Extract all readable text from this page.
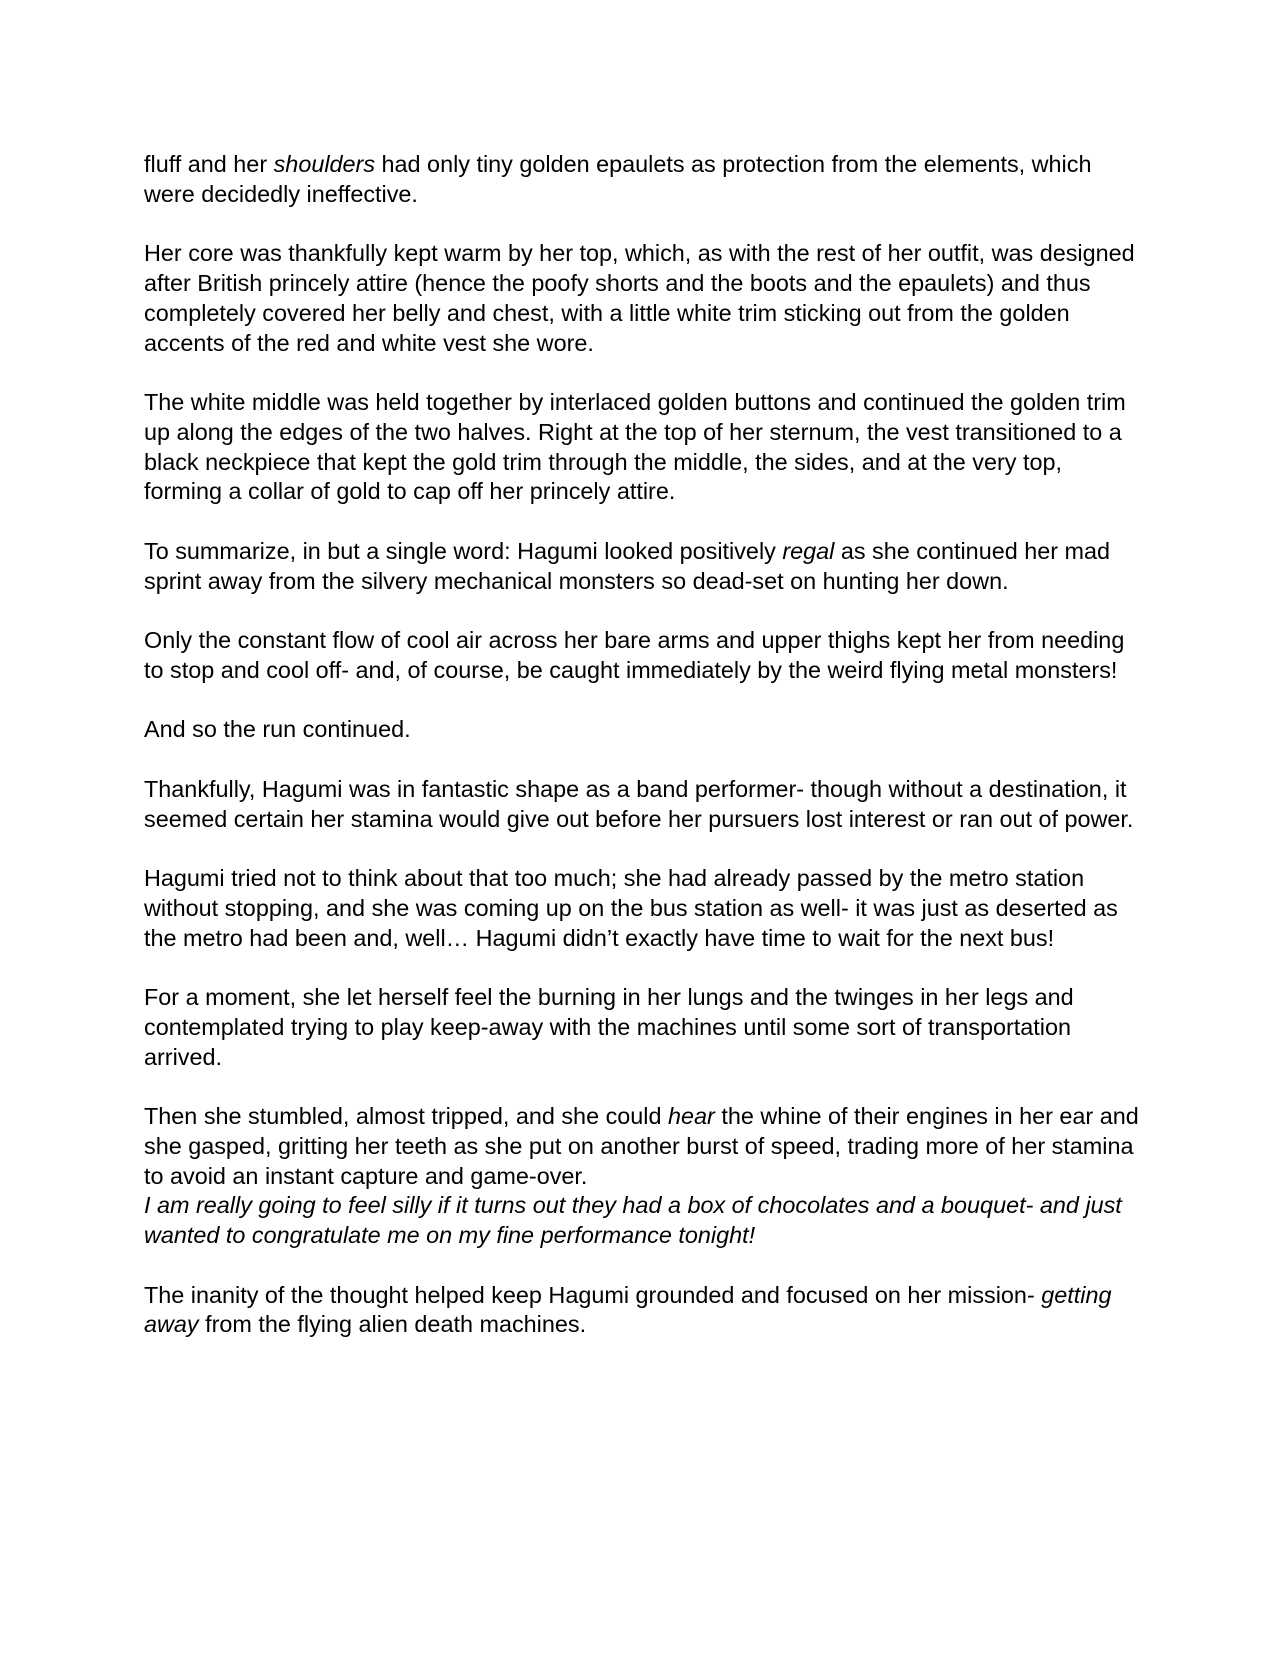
fluff and her shoulders had only tiny golden epaulets as protection from the elements, which were decidedly ineffective.

Her core was thankfully kept warm by her top, which, as with the rest of her outfit, was designed after British princely attire (hence the poofy shorts and the boots and the epaulets) and thus completely covered her belly and chest, with a little white trim sticking out from the golden accents of the red and white vest she wore.

The white middle was held together by interlaced golden buttons and continued the golden trim up along the edges of the two halves. Right at the top of her sternum, the vest transitioned to a black neckpiece that kept the gold trim through the middle, the sides, and at the very top, forming a collar of gold to cap off her princely attire.

To summarize, in but a single word: Hagumi looked positively regal as she continued her mad sprint away from the silvery mechanical monsters so dead-set on hunting her down.

Only the constant flow of cool air across her bare arms and upper thighs kept her from needing to stop and cool off- and, of course, be caught immediately by the weird flying metal monsters!

And so the run continued.

Thankfully, Hagumi was in fantastic shape as a band performer- though without a destination, it seemed certain her stamina would give out before her pursuers lost interest or ran out of power.

Hagumi tried not to think about that too much; she had already passed by the metro station without stopping, and she was coming up on the bus station as well- it was just as deserted as the metro had been and, well… Hagumi didn’t exactly have time to wait for the next bus!

For a moment, she let herself feel the burning in her lungs and the twinges in her legs and contemplated trying to play keep-away with the machines until some sort of transportation arrived.

Then she stumbled, almost tripped, and she could hear the whine of their engines in her ear and she gasped, gritting her teeth as she put on another burst of speed, trading more of her stamina to avoid an instant capture and game-over.

I am really going to feel silly if it turns out they had a box of chocolates and a bouquet- and just wanted to congratulate me on my fine performance tonight!

The inanity of the thought helped keep Hagumi grounded and focused on her mission- getting away from the flying alien death machines.
